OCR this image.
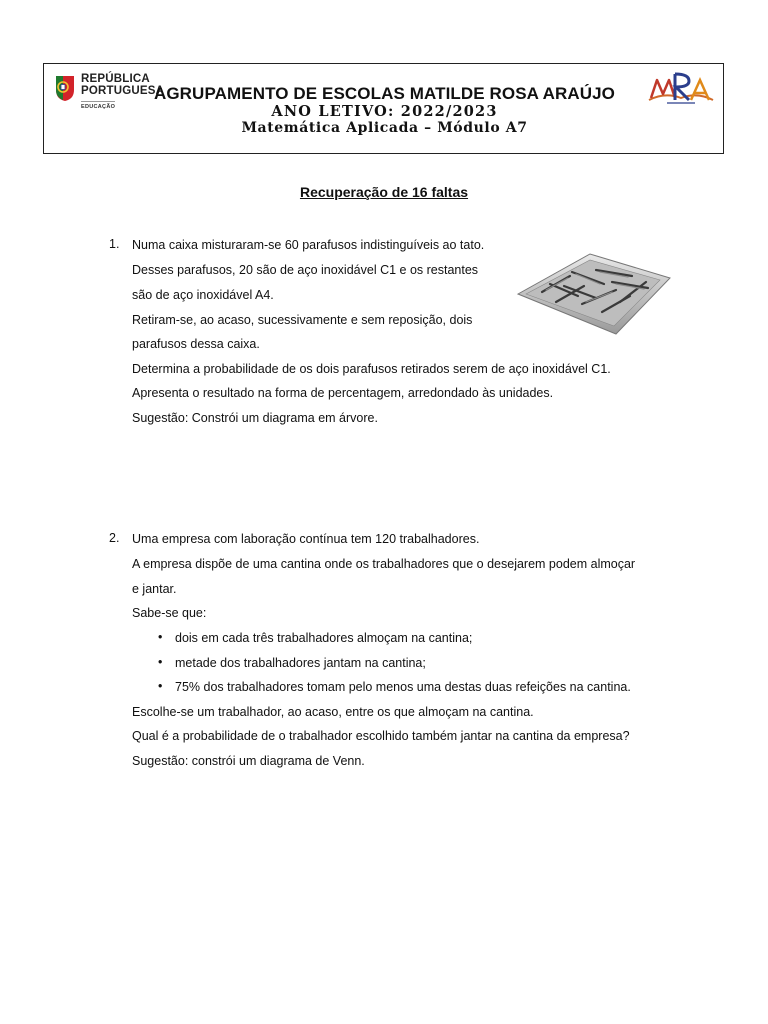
REPÚBLICA
PORTUGUESA
EDUCAÇÃO
AGRUPAMENTO DE ESCOLAS MATILDE ROSA ARAÚJO
ANO LETIVO: 2022/2023
Matemática Aplicada – Módulo A7
Recuperação de 16 faltas
1. Numa caixa misturaram-se 60 parafusos indistinguíveis ao tato.
Desses parafusos, 20 são de aço inoxidável C1 e os restantes
são de aço inoxidável A4.
Retiram-se, ao acaso, sucessivamente e sem reposição, dois
parafusos dessa caixa.
Determina a probabilidade de os dois parafusos retirados serem de aço inoxidável C1.
Apresenta o resultado na forma de percentagem, arredondado às unidades.
Sugestão: Constrói um diagrama em árvore.
2. Uma empresa com laboração contínua tem 120 trabalhadores.
A empresa dispõe de uma cantina onde os trabalhadores que o desejarem podem almoçar
e jantar.
Sabe-se que:
• dois em cada três trabalhadores almoçam na cantina;
• metade dos trabalhadores jantam na cantina;
• 75% dos trabalhadores tomam pelo menos uma destas duas refeições na cantina.
Escolhe-se um trabalhador, ao acaso, entre os que almoçam na cantina.
Qual é a probabilidade de o trabalhador escolhido também jantar na cantina da empresa?
Sugestão: constrói um diagrama de Venn.
